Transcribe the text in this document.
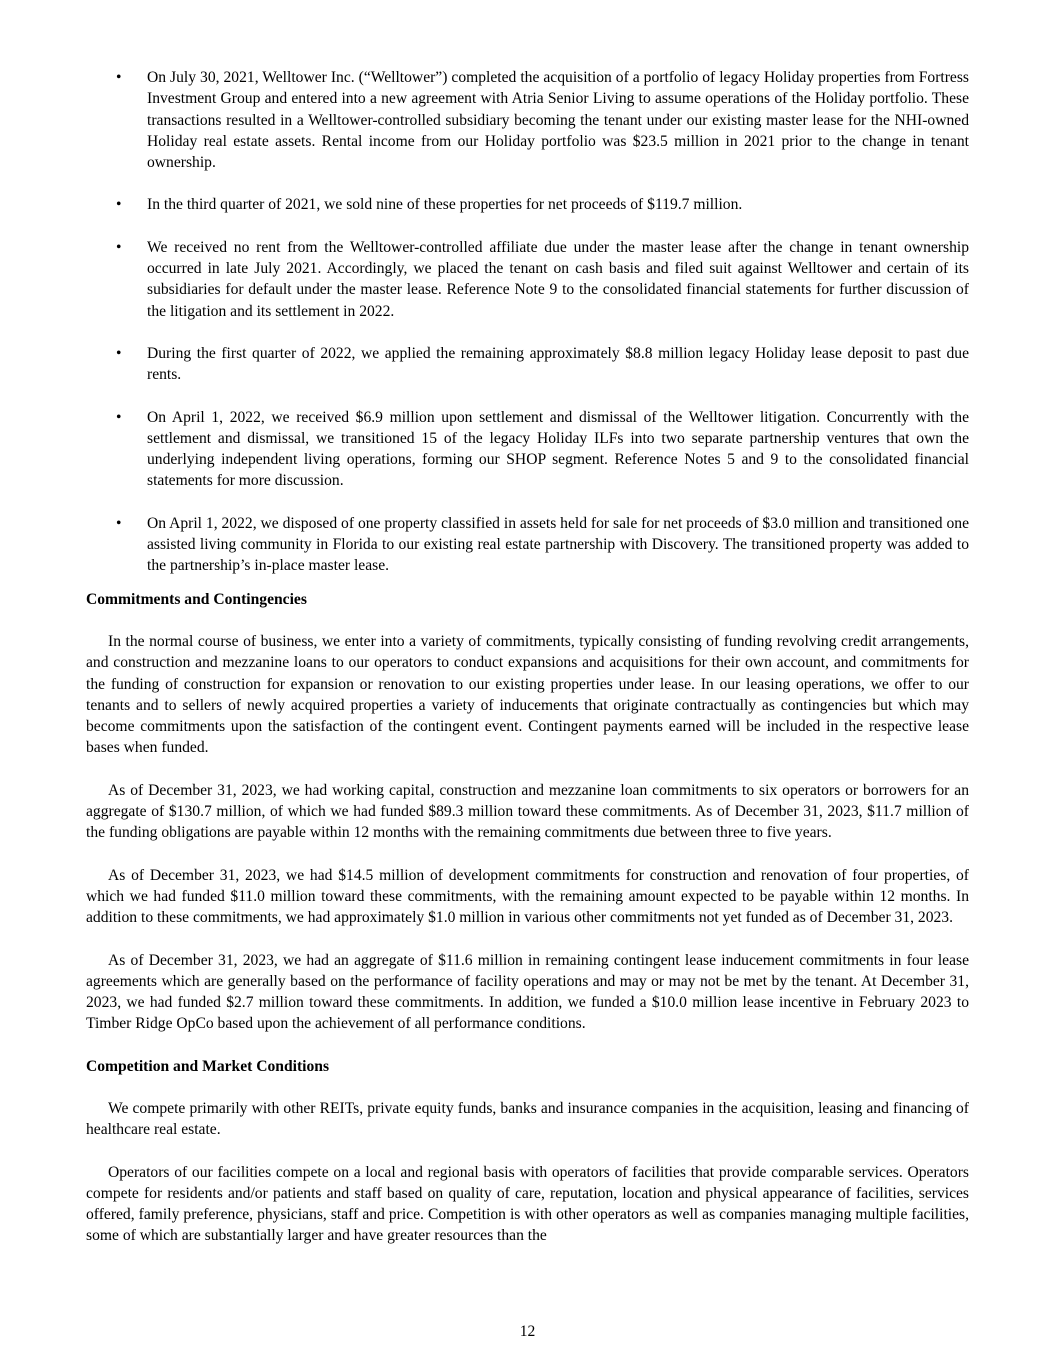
• On July 30, 2021, Welltower Inc. (“Welltower”) completed the acquisition of a portfolio of legacy Holiday properties from Fortress Investment Group and entered into a new agreement with Atria Senior Living to assume operations of the Holiday portfolio. These transactions resulted in a Welltower-controlled subsidiary becoming the tenant under our existing master lease for the NHI-owned Holiday real estate assets. Rental income from our Holiday portfolio was $23.5 million in 2021 prior to the change in tenant ownership.
• In the third quarter of 2021, we sold nine of these properties for net proceeds of $119.7 million.
• We received no rent from the Welltower-controlled affiliate due under the master lease after the change in tenant ownership occurred in late July 2021. Accordingly, we placed the tenant on cash basis and filed suit against Welltower and certain of its subsidiaries for default under the master lease. Reference Note 9 to the consolidated financial statements for further discussion of the litigation and its settlement in 2022.
• During the first quarter of 2022, we applied the remaining approximately $8.8 million legacy Holiday lease deposit to past due rents.
• On April 1, 2022, we received $6.9 million upon settlement and dismissal of the Welltower litigation. Concurrently with the settlement and dismissal, we transitioned 15 of the legacy Holiday ILFs into two separate partnership ventures that own the underlying independent living operations, forming our SHOP segment. Reference Notes 5 and 9 to the consolidated financial statements for more discussion.
• On April 1, 2022, we disposed of one property classified in assets held for sale for net proceeds of $3.0 million and transitioned one assisted living community in Florida to our existing real estate partnership with Discovery. The transitioned property was added to the partnership’s in-place master lease.
Commitments and Contingencies

In the normal course of business, we enter into a variety of commitments, typically consisting of funding revolving credit arrangements, and construction and mezzanine loans to our operators to conduct expansions and acquisitions for their own account, and commitments for the funding of construction for expansion or renovation to our existing properties under lease. In our leasing operations, we offer to our tenants and to sellers of newly acquired properties a variety of inducements that originate contractually as contingencies but which may become commitments upon the satisfaction of the contingent event. Contingent payments earned will be included in the respective lease bases when funded.

As of December 31, 2023, we had working capital, construction and mezzanine loan commitments to six operators or borrowers for an aggregate of $130.7 million, of which we had funded $89.3 million toward these commitments. As of December 31, 2023, $11.7 million of the funding obligations are payable within 12 months with the remaining commitments due between three to five years.

As of December 31, 2023, we had $14.5 million of development commitments for construction and renovation of four properties, of which we had funded $11.0 million toward these commitments, with the remaining amount expected to be payable within 12 months. In addition to these commitments, we had approximately $1.0 million in various other commitments not yet funded as of December 31, 2023.

As of December 31, 2023, we had an aggregate of $11.6 million in remaining contingent lease inducement commitments in four lease agreements which are generally based on the performance of facility operations and may or may not be met by the tenant. At December 31, 2023, we had funded $2.7 million toward these commitments. In addition, we funded a $10.0 million lease incentive in February 2023 to Timber Ridge OpCo based upon the achievement of all performance conditions.

Competition and Market Conditions

We compete primarily with other REITs, private equity funds, banks and insurance companies in the acquisition, leasing and financing of healthcare real estate.

Operators of our facilities compete on a local and regional basis with operators of facilities that provide comparable services. Operators compete for residents and/or patients and staff based on quality of care, reputation, location and physical appearance of facilities, services offered, family preference, physicians, staff and price. Competition is with other operators as well as companies managing multiple facilities, some of which are substantially larger and have greater resources than the

12
